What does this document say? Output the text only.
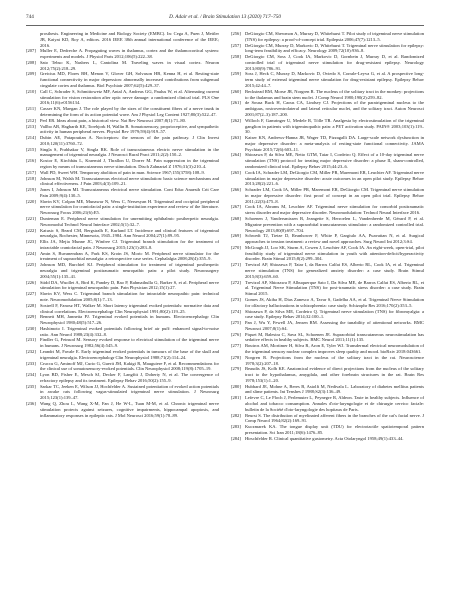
744	D. Adair et al. / Brain Stimulation 13 (2020) 717–750
prosthesis. Engineering in Medicine and Biology Society (EMBC). In: Cega A, Puen J, Mettler JB, Kaiyat KD, Roy A, editors. 2016 IEEE 38th annual international conference of the IEEE; 2016.
[207] Muller E, Dedreche A. Propagating waves in thalamus, cortex and the thalamocortical system: experiments and models. J Physiol Paris 2012;106(5):222–38.
[208] Sato Tebso K, Nasbers L, Cantolina M. Traveling waves in visual cortex. Neuron 2012;75(2):218–29.
[209] Greicius MD, Flores BH, Menon V, Glover GH, Solvason HB, Kenna H, et al. Resting-state functional connectivity in major depression: abnormally increased contributions from subgenual cingulate cortex and thalamus. Biol Psychiatr 2007;62(5):429–37.
[210] Call C, Schrader S, Schmittowetz MF, Antal A, Andreas GG, Paulus W, et al. Alternating current stimulation for vision restoration after optic nerve damage: a randomized clinical trial. PLS One 2016;11(6):e0156134.
[211] Casser KN, Maegan J. The role played by the sizes of the constituent fibers of a nerve trunk in determining the form of its action potential wave. Am J Physiol Leg Content 1927;80(3):522–47.
[212] Perl ER. Ideas about pain, a historical view. Nat Rev Neurosci 2007;8(1):71–80.
[213] Vallbo AB, Hagbarth KE, Torebjork H, Wallin B. Somatosensory, proprioceptive, and sympathetic activity in human peripheral nerves. Physiol Rev 1979;59(4):919–57.
[214] Dubin AE, Patapoutian A. Nociceptors: the sensors of the pain pathway. J Clin Invest 2010;120(11):3760–72.
[215] Singla S, Prabhakar V, Singla RK. Role of transcutaneous electric nerve stimulation in the management of trigeminal neuralgia. J Neurosci Rural Pract 2011;2(2):150–2.
[216] Kostor E, Kirchbäu L, Kraemid J, Thrallon U, Dorrer M. Pain suppression in the trigeminal region by means of transcutaneous nerve stimulation. Dtsch Zahnartzl Z 1976;31(3):210–4.
[217] Wall PD, Sweet WH. Temporary abolition of pain in man. Science 1967;155(3758):108–9.
[218] Johnson M, Walsh M. Transcutaneous electrical nerve stimulation: basic science mechanisms and clinical effectiveness. J Pain 2003;4(3):109–21.
[219] Jones I, Johnson MI. Transcutaneous electrical nerve stimulation. Cont Educ Anaesth Crit Care Pain 2009;9(4):130–5.
[220] Slavin KV, Colpan ME, Munawar N, Wess C, Nersesyan H. Trigeminal and occipital peripheral nerve stimulation for craniofacial pain: a single-institution experience and review of the literature. Neurosurg Focus 2006;21(6):E5.
[221] Dunteman E. Peripheral nerve stimulation for unremitting ophthalmic postherpetic neuralgia. Neuromodul Technol Neural Interface 2002;5(1):32–7.
[222] Katusic S, Beard CM, Bergstralh E, Kurland LT. Incidence and clinical features of trigeminal neuralgia, Rochester, Minnesota, 1945–1984. Ann Neurol 2004;27(1):89–95.
[223] Ellis JA, Mejia Munne JC, Winfree CJ. Trigeminal branch stimulation for the treatment of intractable craniofacial pain. J Neurosurg 2015;123(1):283–8.
[224] Amin S, Buvanendran A, Park KS, Kroin JS, Moric M. Peripheral nerve stimulator for the treatment of supraorbital neuralgia: a retrospective case series. Cephalalgia 2008;28(4):355–9.
[225] Johnson MD, Burchiel KJ. Peripheral stimulation for treatment of trigeminal postherpetic neuralgia and trigeminal posttraumatic neuropathic pain: a pilot study. Neurosurgery 2004;55(1):135–41.
[226] Stidd DA, Wuollet A, Bird K, Pandey D, Rao P, Rahmathulla G, Barker S, et al. Peripheral nerve stimulation for trigeminal neuropathic pain. Pain Physician 2012;15(1):27.
[227] Slavin KV, Wess C. Trigeminal branch stimulation for intractable neuropathic pain: technical note. Neuromodulation 2005;8(1):7–13.
[228] Sostrell F, Fanosz HT, Walker M. Short latency trigeminal evoked potentials: normative data and clinical correlations. Electroencephalogr Clin Neurophysiol 1991;80(2):119–25.
[229] Bennett MH, Jannetta PJ. Trigeminal evoked potentials in humans. Electroencephalogr Clin Neurophysiol 1980;48(5):517–26.
[230] Hashimoto I. Trigeminal evoked potentials following brief air puff: enhanced signal-to-noise ratio. Ann Neurol 1988;23(4):332–8.
[231] Findler G, Feinsod M. Sensory evoked response to electrical stimulation of the trigeminal nerve in humans. J Neurosurg 1982;56(4):545–9.
[232] Leandri M, Favale E. Early trigeminal evoked potentials in tumours of the base of the skull and trigeminal neuralgia. Electroencephalogr Clin Neurophysiol 1988;71(2):114–24.
[233] Cruccu G, Aminoff MJ, Curio G, Guerit JM, Kakigi R, Mauguiere F, et al. Recommendations for the clinical use of somatosensory-evoked potentials. Clin Neurophysiol 2008;119(8):1705–19.
[234] Lyon BD, Fisher E, Mesch SJ, Decker F, Langfitt J, Doherty N, et al. The convergence of refractory epilepsy and its treatment. Epilepsy Behav 2016;50(2):155–9.
[235] Sarkar TC, Jeeken E, Wilson JJ, Hochfelder A. Sustained potentiation of evoked action potentials in awake rats following vagus-stimulated trigeminal nerve stimulation. J Neurosurg 2015;123(1):139–47.
[236] Wang Q, Zhou L, Wang X-M, Fan J, He W-L, Tuan M-M, et al. Chronic trigeminal nerve stimulation protects against seizures, cognitive impairments, hippocampal apoptosis, and inflammatory responses in epileptic rats. J Mol Neurosci 2016;59(1):78–89.
[256] DeGiorgio CM, Shewmon A, Murray D, Whitehurst T. Pilot study of trigeminal nerve stimulation (TNS) for epilepsy: a proof-of-concept trial. Epilepsia 2006;47(7):1213–5.
[257] DeGiorgio CM, Murray D, Markovic D, Whitehurst T. Trigeminal nerve stimulation for epilepsy: long-term feasibility and efficacy. Neurology 2009;72(10):936–8.
[258] DeGiorgio CM, Soss J, Cook IA, Markovic D, Gornbein J, Murray D, et al. Randomized controlled trial of trigeminal nerve stimulation for drug-resistant epilepsy. Neurology 2013;80(9):786–91.
[259] Soss J, Heck C, Murray D, Markovic D, Oviedo S, Corrale-Leyva G, et al. A prospective long-term study of external trigeminal nerve stimulation for drug-resistant epilepsy. Epilepsy Behav 2015;42:44–7.
[260] Beckstead RM, Morse JR, Norgren R. The nucleus of the solitary tract in the monkey: projections to the thalamus and brain stem nuclei. J Comp Neurol 1980;190(2):259–82.
[261] de Sousa Buck H, Caous CA, Lindsey CJ. Projections of the paratrigeminal nucleus to the ambiguus, rostroventrolateral and lateral reticular nuclei, and the solitary tract. Auton Neurosci 2001;87(2–3):187–200.
[262] Willoch F, Gamringer U, Medele R, Tölle TR. Analgesia by electrostimulation of the trigeminal ganglion in patients with trigeminopathic pain: a PET activation study. PAIN® 2003;103(1):119–30.
[263] Kaiser KN, Andrews-Hanna JR, Wager TD, Pizzagalli DA. Large-scale network dysfunction in major depressive disorder: a meta-analysis of resting-state functional connectivity. JAMA Psychiatr 2015;72(6):603–11.
[264] Shiozawa P, da Silva ME, Netto GTM, Taiar I, Cordeiro Q. Effect of a 10-day trigeminal nerve stimulation (TNS) protocol for treating major depressive disorder: a phase II, sham-controlled, randomized clinical trial. Epilepsy Behav 2015;44:23–6.
[265] Cook IA, Schrader LM, DeGiorgio CM, Miller PR, Maremont ER, Leuchter AF. Trigeminal nerve stimulation in major depressive disorder: acute outcomes in an open pilot study. Epilepsy Behav 2013;28(2):221–6.
[266] Schrader LM, Cook IA, Miller PR, Maremont ER, DeGiorgio CM. Trigeminal nerve stimulation in major depressive disorder: first proof of concept in an open pilot trial. Epilepsy Behav 2011;22(3):475–8.
[267] Cook IA, Abrams M, Leuchter AF. Trigeminal nerve stimulation for comorbid posttraumatic stress disorder and major depressive disorder. Neuromodulation: Technol Neural Interface 2016.
[268] Schoenen J, Vandersmissen B, Jeangette S, Herroelen L, Vandenheede M, Gérard P, et al. Migraine prevention with a supraorbital transcutaneous stimulator: a randomized controlled trial. Neurology 2013;80(8):697–704.
[269] Schwedt TJ, Tietze D, Reanhower F, White P, Gargiulo AA, Puavattan N, et al. Surgical approaches to tension treatment: a review and novel approaches. Surg Neurol Int 2012;3:S4.
[270] McGough JJ, Loo SK, Sturm A, Cowen J, Leuchter AF, Cook IA. An eight-week, open-trial, pilot feasibility study of trigeminal nerve stimulation in youth with attention-deficit/hyperactivity disorder. Brain Stimul 2015;8(2):299–304.
[271] Trevizol AP, Shiozawa P, Taiar I, da Barros Calfat ES, Alberto RL, Cook IA, et al. Trigeminal nerve stimulation (TNS) for generalized anxiety disorder: a case study. Brain Stimul 2015;8(3):659–60.
[272] Trevizol AP, Shiozawa P, Albuquerque Sato I, Da Silva ME, de Barros Calfat ES, Alberto RL, et al. Trigeminal Nerve Stimulation (TNS) for post-traumatic stress disorder: a case study. Brain Stimul 2015.
[273] Gomes JS, Akiba H, Dias Zanesco A, Tavar S, Gadelha AA, et al. Trigeminal Nerve Stimulation for olfactory hallucinations in schizophrenia: case study. Schizophr Res 2016;170(2):353–5.
[274] Shiozawa P, da Silva ME, Cordeiro Q. Trigeminal nerve stimulation (TNS) for fibromyalgia: a case study. Epilepsy Behav 2014;32:100–1.
[275] Pan J, Wu Y, Fewell JA, Jensen RM. Assessing the tunability of attentional networks. BMC Neurosci 2007;8(1):S4.
[276] Piquet M, Balestra C, Sava SL, Schoenen JE. Supraorbital transcutaneous neurostimulation has sedative effects in healthy subjects. BMC Neurol 2011;11(1):135.
[277] Boutros AM, Mortimer H, Silva R, Aron E, Tyler WJ. Transdermal electrical neuromodulation of the trigeminal sensory nuclear complex improves sleep quality and mood. bioRxiv 2018:043661.
[278] Norgren R. Projections from the nucleus of the solitary tract in the rat. Neuroscience 1978;3(2):207–18.
[279] Beaudis JS, Kolb KE. Anatomical evidence of direct projections from the nucleus of the solitary tract to the hypothalamus, amygdala, and other forebrain structures in the rat. Brain Res 1978;153(1):1–20.
[280] Hubbard JE, Mohne A, Beres B, Astolfi M, Nedivala L. Laboratory of diabetes mellitus patients and slime patients. Int Tenshes J 1988;S2(3):136–49.
[281] Lefevre C, Le Floch J, Perlemuter L, Peynegre R, Aldeon. Taste in healthy subjects. Influence of alcohol and tobacco consumption. Annales d'oto-laryngologie et de chirurgie cervico faciale: bulletin de la Société d'oto-laryngologie des hopitaux de Paris.
[282] Beurst S. The distribution of myelinated afferent fibers in the branches of the cat's facial nerve. J Comp Neurol 1964;82(2):169–91.
[283] Kuczmarek KA. The tongue display unit (TDU) for electrotactile spatiotemporal pattern presentation. Sci Iran 2011;18(6):1476–85.
[284] Hirschfelder R. Clinical quantitative gustometry. Acta Otolaryngol 1958;49(1):433–44.
